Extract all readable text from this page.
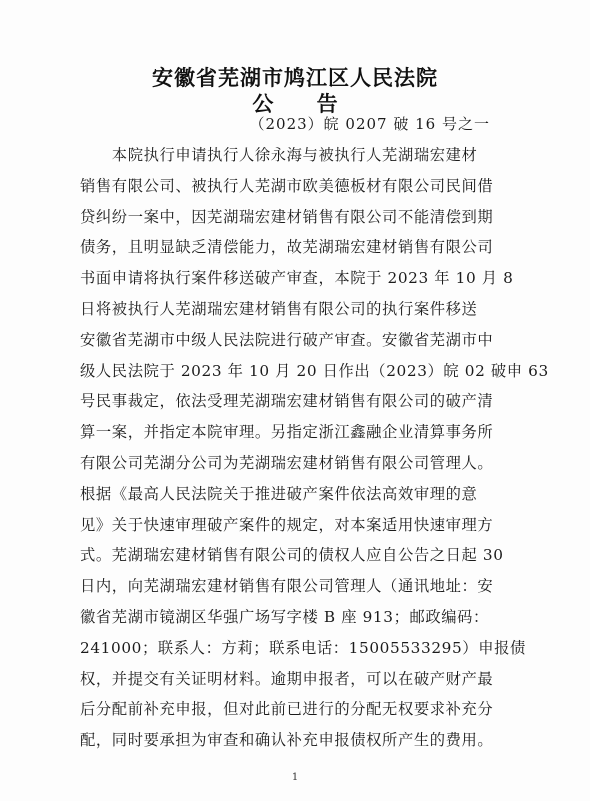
安徽省芜湖市鸠江区人民法院
公 告
（2023）皖 0207 破 16 号之一
　　本院执行申请执行人徐永海与被执行人芜湖瑞宏建材
销售有限公司、被执行人芜湖市欧美德板材有限公司民间借
贷纠纷一案中，因芜湖瑞宏建材销售有限公司不能清偿到期
债务，且明显缺乏清偿能力，故芜湖瑞宏建材销售有限公司
书面申请将执行案件移送破产审查，本院于 2023 年 10 月 8
日将被执行人芜湖瑞宏建材销售有限公司的执行案件移送
安徽省芜湖市中级人民法院进行破产审查。安徽省芜湖市中
级人民法院于 2023 年 10 月 20 日作出（2023）皖 02 破申 63
号民事裁定，依法受理芜湖瑞宏建材销售有限公司的破产清
算一案，并指定本院审理。另指定浙江鑫融企业清算事务所
有限公司芜湖分公司为芜湖瑞宏建材销售有限公司管理人。
根据《最高人民法院关于推进破产案件依法高效审理的意
见》关于快速审理破产案件的规定，对本案适用快速审理方
式。芜湖瑞宏建材销售有限公司的债权人应自公告之日起 30
日内，向芜湖瑞宏建材销售有限公司管理人（通讯地址：安
徽省芜湖市镜湖区华强广场写字楼 B 座 913；邮政编码：
241000；联系人：方莉；联系电话：15005533295）申报债
权，并提交有关证明材料。逾期申报者，可以在破产财产最
后分配前补充申报，但对此前已进行的分配无权要求补充分
配，同时要承担为审查和确认补充申报债权所产生的费用。
1
